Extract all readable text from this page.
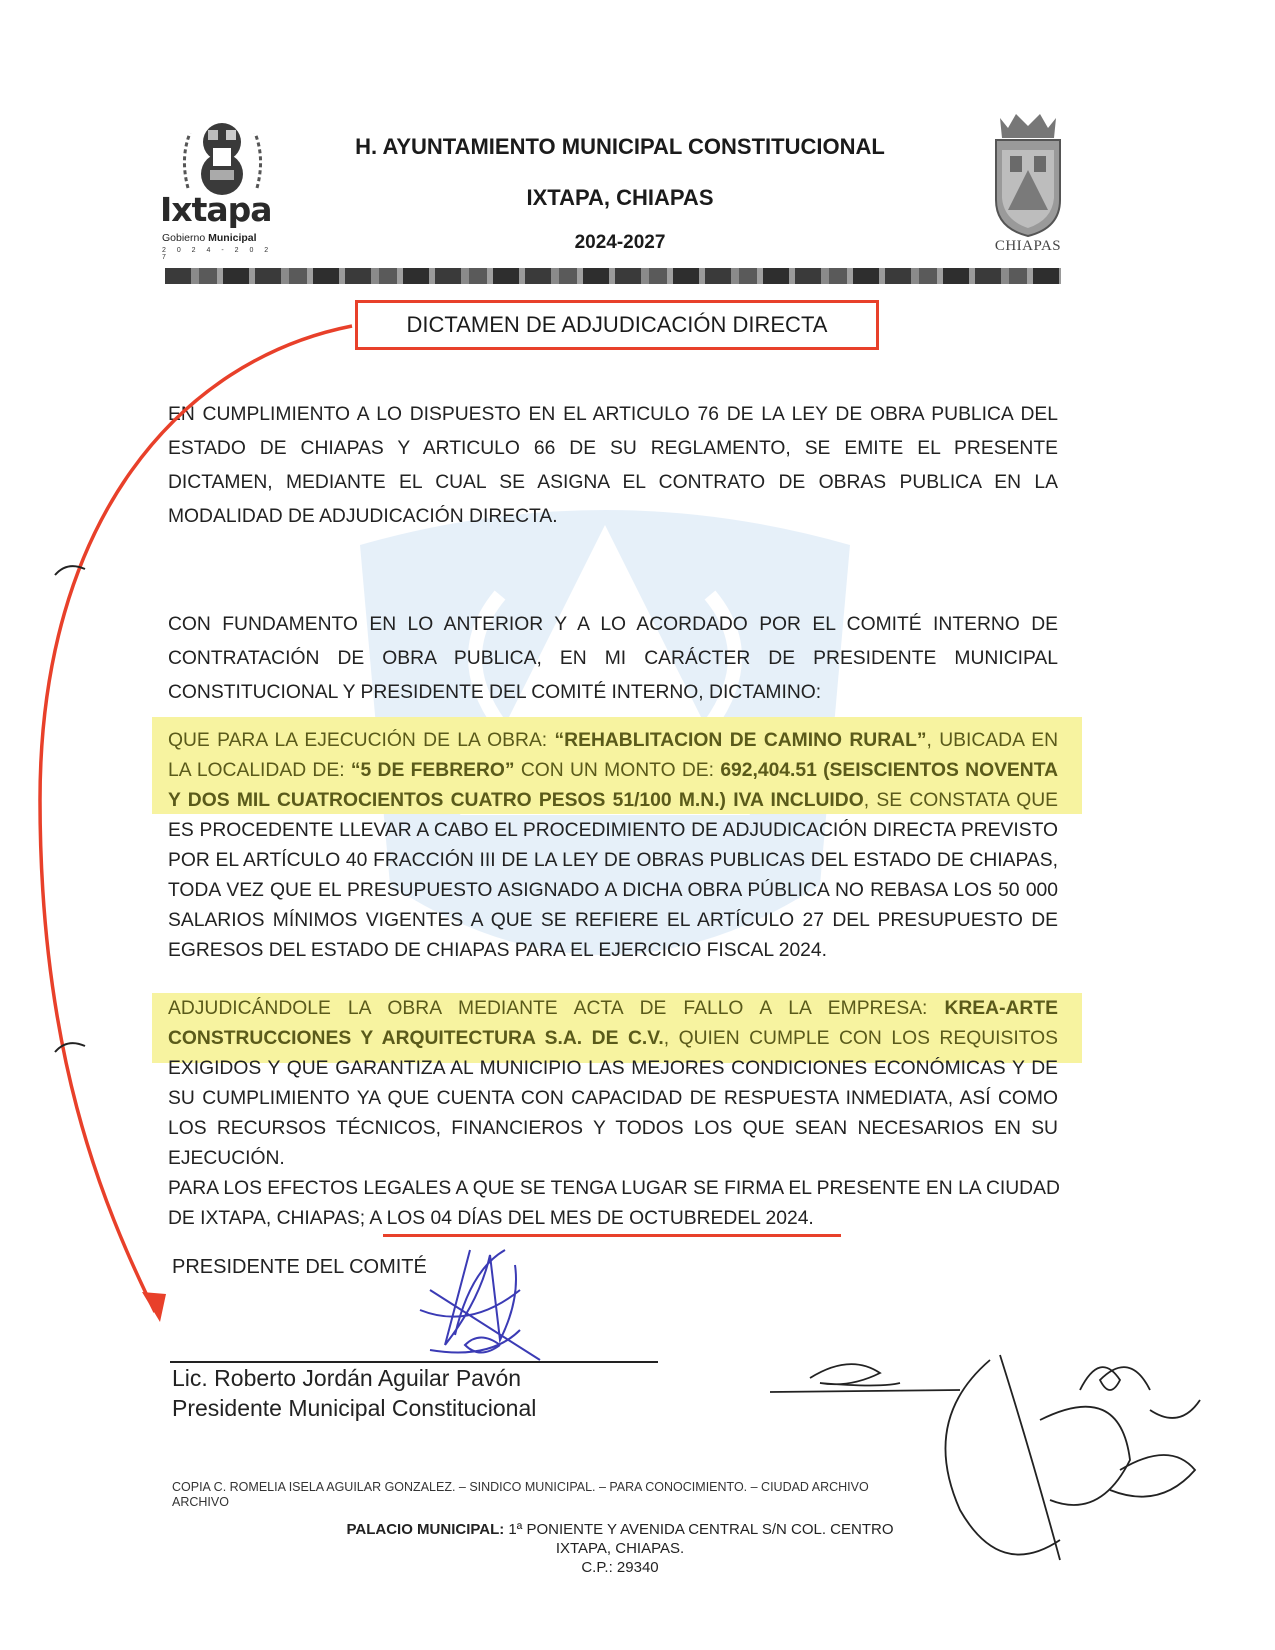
Ixtapa
Gobierno Municipal
2 0 2 4 - 2 0 2 7
H. AYUNTAMIENTO MUNICIPAL CONSTITUCIONAL
IXTAPA, CHIAPAS
2024-2027	CHIAPAS
DICTAMEN DE ADJUDICACIÓN DIRECTA
EN CUMPLIMIENTO A LO DISPUESTO EN EL ARTICULO 76 DE LA LEY DE OBRA PUBLICA DEL
ESTADO DE CHIAPAS Y ARTICULO 66 DE SU REGLAMENTO, SE EMITE EL PRESENTE
DICTAMEN, MEDIANTE EL CUAL SE ASIGNA EL CONTRATO DE OBRAS PUBLICA EN LA
MODALIDAD DE ADJUDICACIÓN DIRECTA.
CON FUNDAMENTO EN LO ANTERIOR Y A LO ACORDADO POR EL COMITÉ INTERNO DE
CONTRATACIÓN DE OBRA PUBLICA, EN MI CARÁCTER DE PRESIDENTE MUNICIPAL
CONSTITUCIONAL Y PRESIDENTE DEL COMITÉ INTERNO, DICTAMINO:
QUE PARA LA EJECUCIÓN DE LA OBRA: “REHABLITACION DE CAMINO RURAL”, UBICADA EN
LA LOCALIDAD DE: “5 DE FEBRERO” CON UN MONTO DE: 692,404.51 (SEISCIENTOS NOVENTA
Y DOS MIL CUATROCIENTOS CUATRO PESOS 51/100 M.N.) IVA INCLUIDO, SE CONSTATA QUE
ES PROCEDENTE LLEVAR A CABO EL PROCEDIMIENTO DE ADJUDICACIÓN DIRECTA PREVISTO
POR EL ARTÍCULO 40 FRACCIÓN III DE LA LEY DE OBRAS PUBLICAS DEL ESTADO DE CHIAPAS,
TODA VEZ QUE EL PRESUPUESTO ASIGNADO A DICHA OBRA PÚBLICA NO REBASA LOS 50 000
SALARIOS MÍNIMOS VIGENTES A QUE SE REFIERE EL ARTÍCULO 27 DEL PRESUPUESTO DE
EGRESOS DEL ESTADO DE CHIAPAS PARA EL EJERCICIO FISCAL 2024.
ADJUDICÁNDOLE LA OBRA MEDIANTE ACTA DE FALLO A LA EMPRESA: KREA-ARTE
CONSTRUCCIONES Y ARQUITECTURA S.A. DE C.V., QUIEN CUMPLE CON LOS REQUISITOS
EXIGIDOS Y QUE GARANTIZA AL MUNICIPIO LAS MEJORES CONDICIONES ECONÓMICAS Y DE
SU CUMPLIMIENTO YA QUE CUENTA CON CAPACIDAD DE RESPUESTA INMEDIATA, ASÍ COMO
LOS RECURSOS TÉCNICOS, FINANCIEROS Y TODOS LOS QUE SEAN NECESARIOS EN SU
EJECUCIÓN.
PARA LOS EFECTOS LEGALES A QUE SE TENGA LUGAR SE FIRMA EL PRESENTE EN LA CIUDAD
DE IXTAPA, CHIAPAS; A LOS 04 DÍAS DEL MES DE OCTUBREDEL 2024.
PRESIDENTE DEL COMITÉ
Lic. Roberto Jordán Aguilar Pavón
Presidente Municipal Constitucional
COPIA C. ROMELIA ISELA AGUILAR GONZALEZ. – SINDICO MUNICIPAL. – PARA CONOCIMIENTO. – CIUDAD ARCHIVO ARCHIVO
PALACIO MUNICIPAL: 1ª PONIENTE Y AVENIDA CENTRAL S/N COL. CENTRO
IXTAPA, CHIAPAS.
C.P.: 29340
